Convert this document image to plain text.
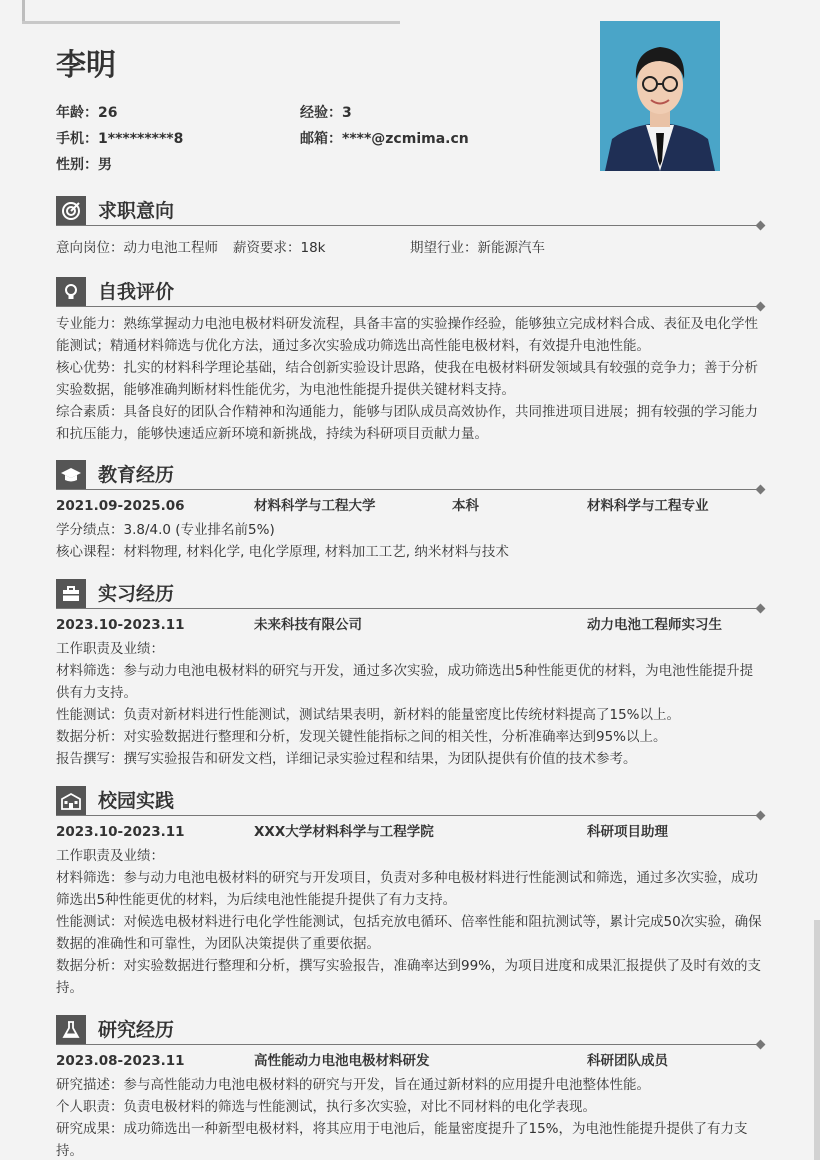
李明
年龄：26	经验：3
手机：1*********8	邮箱：****@zcmima.cn
性别：男
求职意向
意向岗位：动力电池工程师 薪资要求：18k	期望行业：新能源汽车
自我评价

专业能力：熟练掌握动力电池电极材料研发流程，具备丰富的实验操作经验，能够独立完成材料合成、表征及电化学性能测试；精通材料筛选与优化方法，通过多次实验成功筛选出高性能电极材料，有效提升电池性能。

核心优势：扎实的材料科学理论基础，结合创新实验设计思路，使我在电极材料研发领域具有较强的竞争力；善于分析实验数据，能够准确判断材料性能优劣，为电池性能提升提供关键材料支持。

综合素质：具备良好的团队合作精神和沟通能力，能够与团队成员高效协作，共同推进项目进展；拥有较强的学习能力和抗压能力，能够快速适应新环境和新挑战，持续为科研项目贡献力量。

教育经历
2021.09-2025.06	材料科学与工程大学	本科	材料科学与工程专业

学分绩点：3.8/4.0 (专业排名前5%)

核心课程：材料物理, 材料化学, 电化学原理, 材料加工工艺, 纳米材料与技术

实习经历
2023.10-2023.11	未来科技有限公司	动力电池工程师实习生

工作职责及业绩：

材料筛选：参与动力电池电极材料的研究与开发，通过多次实验，成功筛选出5种性能更优的材料，为电池性能提升提供有力支持。

性能测试：负责对新材料进行性能测试，测试结果表明，新材料的能量密度比传统材料提高了15%以上。

数据分析：对实验数据进行整理和分析，发现关键性能指标之间的相关性，分析准确率达到95%以上。

报告撰写：撰写实验报告和研发文档，详细记录实验过程和结果，为团队提供有价值的技术参考。

校园实践
2023.10-2023.11	XXX大学材料科学与工程学院	科研项目助理

工作职责及业绩：

材料筛选：参与动力电池电极材料的研究与开发项目，负责对多种电极材料进行性能测试和筛选，通过多次实验，成功筛选出5种性能更优的材料，为后续电池性能提升提供了有力支持。

性能测试：对候选电极材料进行电化学性能测试，包括充放电循环、倍率性能和阻抗测试等，累计完成50次实验，确保数据的准确性和可靠性，为团队决策提供了重要依据。

数据分析：对实验数据进行整理和分析，撰写实验报告，准确率达到99%，为项目进度和成果汇报提供了及时有效的支持。

研究经历
2023.08-2023.11	高性能动力电池电极材料研发	科研团队成员

研究描述：参与高性能动力电池电极材料的研究与开发，旨在通过新材料的应用提升电池整体性能。

个人职责：负责电极材料的筛选与性能测试，执行多次实验，对比不同材料的电化学表现。

研究成果：成功筛选出一种新型电极材料，将其应用于电池后，能量密度提升了15%，为电池性能提升提供了有力支持。
